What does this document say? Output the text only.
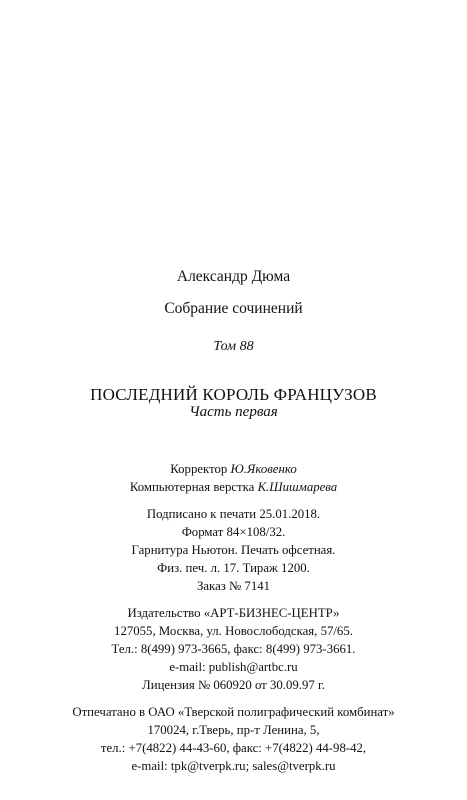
Александр Дюма
Собрание сочинений
Том 88
ПОСЛЕДНИЙ КОРОЛЬ ФРАНЦУЗОВ
Часть первая
Корректор Ю.Яковенко
Компьютерная верстка К.Шишмарева
Подписано к печати 25.01.2018.
Формат 84×108/32.
Гарнитура Ньютон. Печать офсетная.
Физ. печ. л. 17. Тираж 1200.
Заказ № 7141
Издательство «АРТ-БИЗНЕС-ЦЕНТР»
127055, Москва, ул. Новослободская, 57/65.
Тел.: 8(499) 973-3665, факс: 8(499) 973-3661.
e-mail: publish@artbc.ru
Лицензия № 060920 от 30.09.97 г.
Отпечатано в ОАО «Тверской полиграфический комбинат»
170024, г.Тверь, пр-т Ленина, 5,
тел.: +7(4822) 44-43-60, факс: +7(4822) 44-98-42,
e-mail: tpk@tverpk.ru; sales@tverpk.ru
